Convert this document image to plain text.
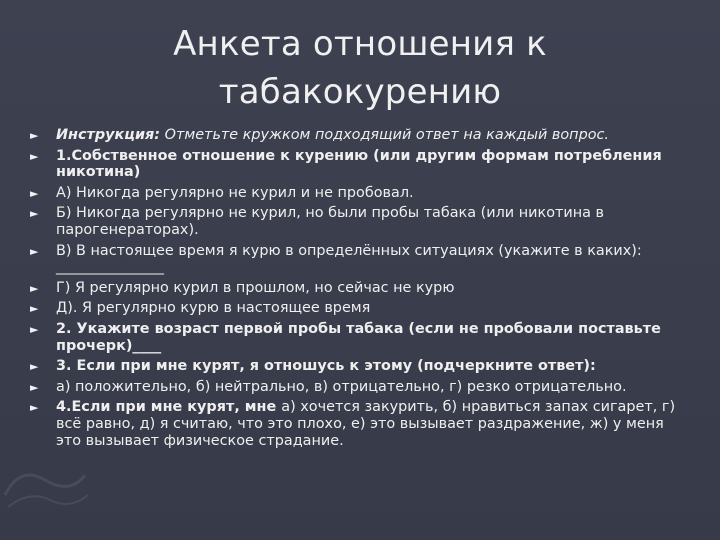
Анкета отношения к табакокурению
► Инструкция: Отметьте кружком подходящий ответ на каждый вопрос.
► 1.Собственное отношение к курению (или другим формам потребления никотина)
► А) Никогда регулярно не курил и не пробовал.
► Б) Никогда регулярно не курил, но были пробы табака (или никотина в парогенераторах).
► В) В настоящее время я курю в определённых ситуациях (укажите в каких): _______________
► Г) Я регулярно курил в прошлом, но сейчас не курю
► Д). Я регулярно курю в настоящее время
► 2. Укажите возраст первой пробы табака (если не пробовали поставьте прочерк)____
► 3. Если при мне курят, я отношусь к этому (подчеркните ответ):
► а) положительно, б) нейтрально, в) отрицательно, г) резко отрицательно.
► 4.Если при мне курят, мне а) хочется закурить, б) нравиться запах сигарет, г) всё равно, д) я считаю, что это плохо, е) это вызывает раздражение, ж) у меня это вызывает физическое страдание.
